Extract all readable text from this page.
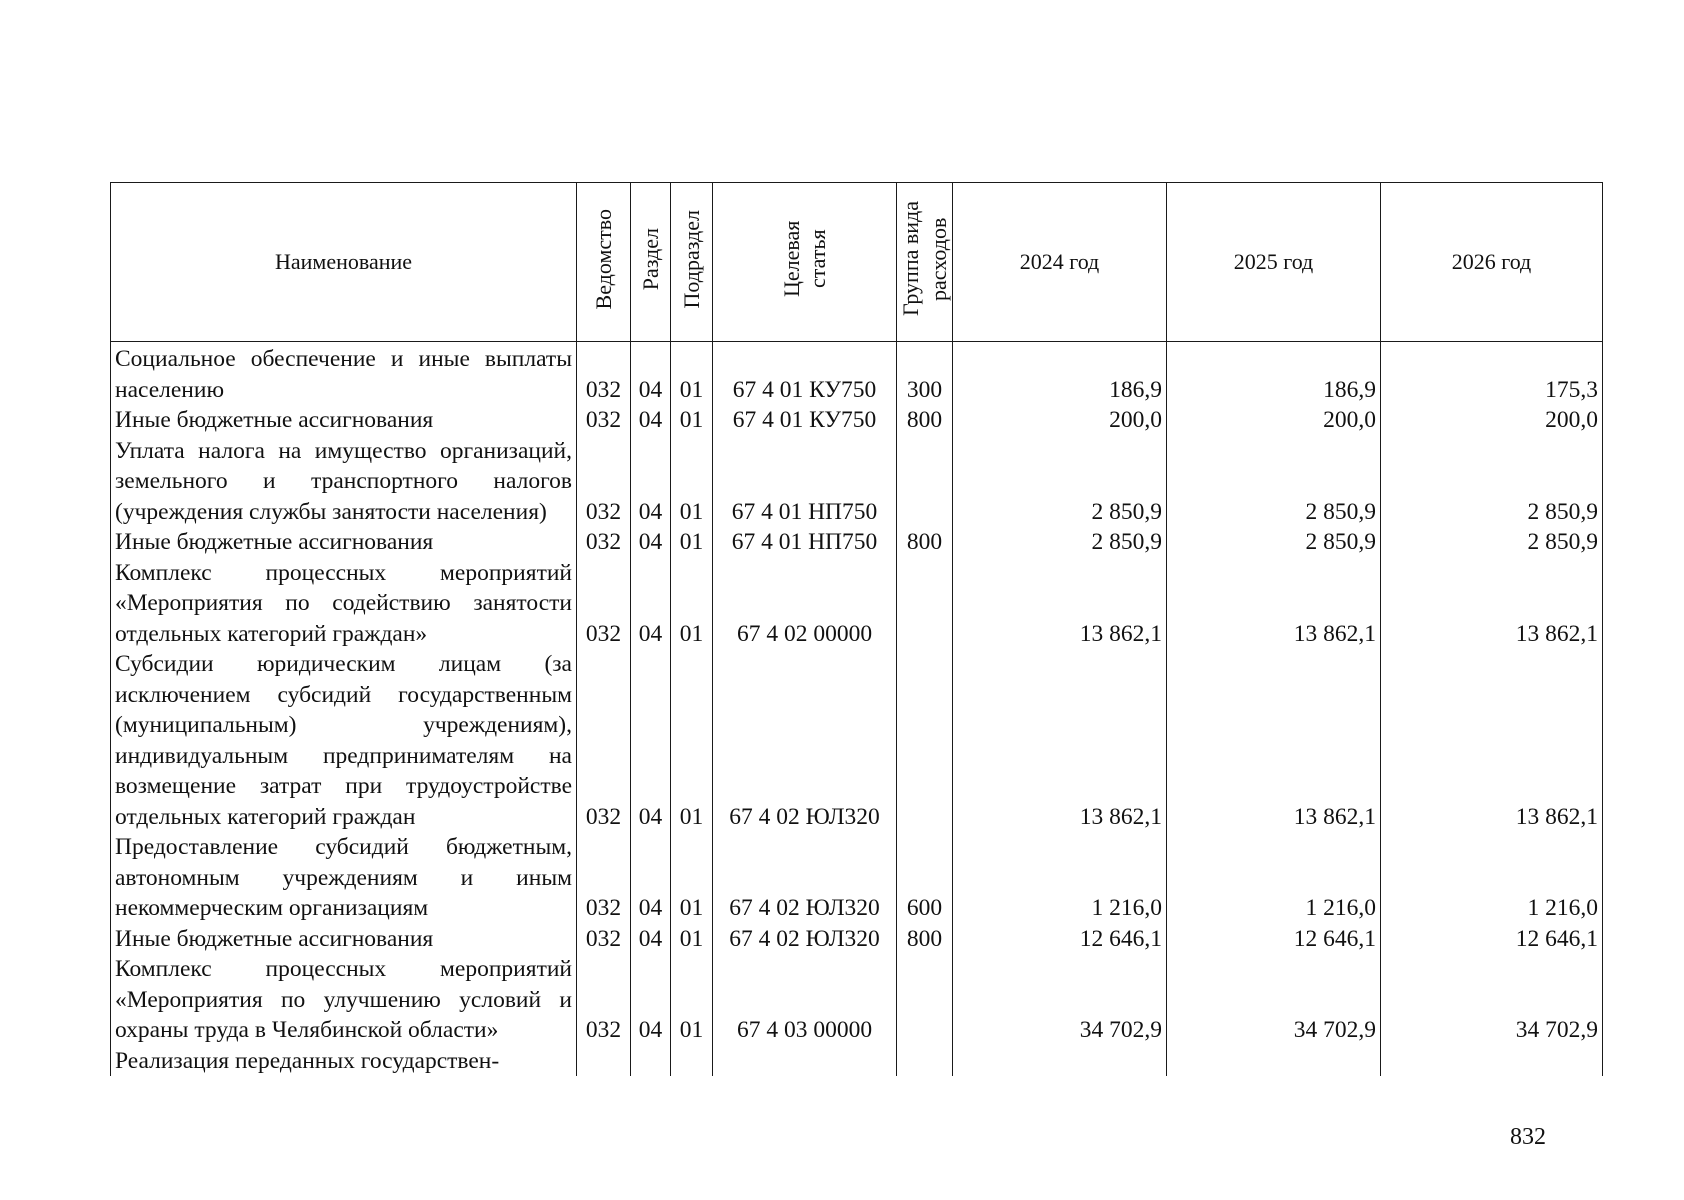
Наименование	Ведомство	Раздел	Подраздел	Целевая статья	Группа вида расходов	2024 год	2025 год	2026 год
Социальное обеспечение и иные выплаты населению	032	04	01	67 4 01 КУ750	300	186,9	186,9	175,3
Иные бюджетные ассигнования	032	04	01	67 4 01 КУ750	800	200,0	200,0	200,0
Уплата налога на имущество организаций, земельного и транспортного налогов (учреждения службы занятости населения)	032	04	01	67 4 01 НП750		2 850,9	2 850,9	2 850,9
Иные бюджетные ассигнования	032	04	01	67 4 01 НП750	800	2 850,9	2 850,9	2 850,9
Комплекс процессных мероприятий «Мероприятия по содействию занятости отдельных категорий граждан»	032	04	01	67 4 02 00000		13 862,1	13 862,1	13 862,1
Субсидии юридическим лицам (за исключением субсидий государственным (муниципальным) учреждениям), индивидуальным предпринимателям на возмещение затрат при трудоустройстве отдельных категорий граждан	032	04	01	67 4 02 ЮЛ320		13 862,1	13 862,1	13 862,1
Предоставление субсидий бюджетным, автономным учреждениям и иным некоммерческим организациям	032	04	01	67 4 02 ЮЛ320	600	1 216,0	1 216,0	1 216,0
Иные бюджетные ассигнования	032	04	01	67 4 02 ЮЛ320	800	12 646,1	12 646,1	12 646,1
Комплекс процессных мероприятий «Мероприятия по улучшению условий и охраны труда в Челябинской области»	032	04	01	67 4 03 00000		34 702,9	34 702,9	34 702,9
Реализация переданных государствен-								
832
